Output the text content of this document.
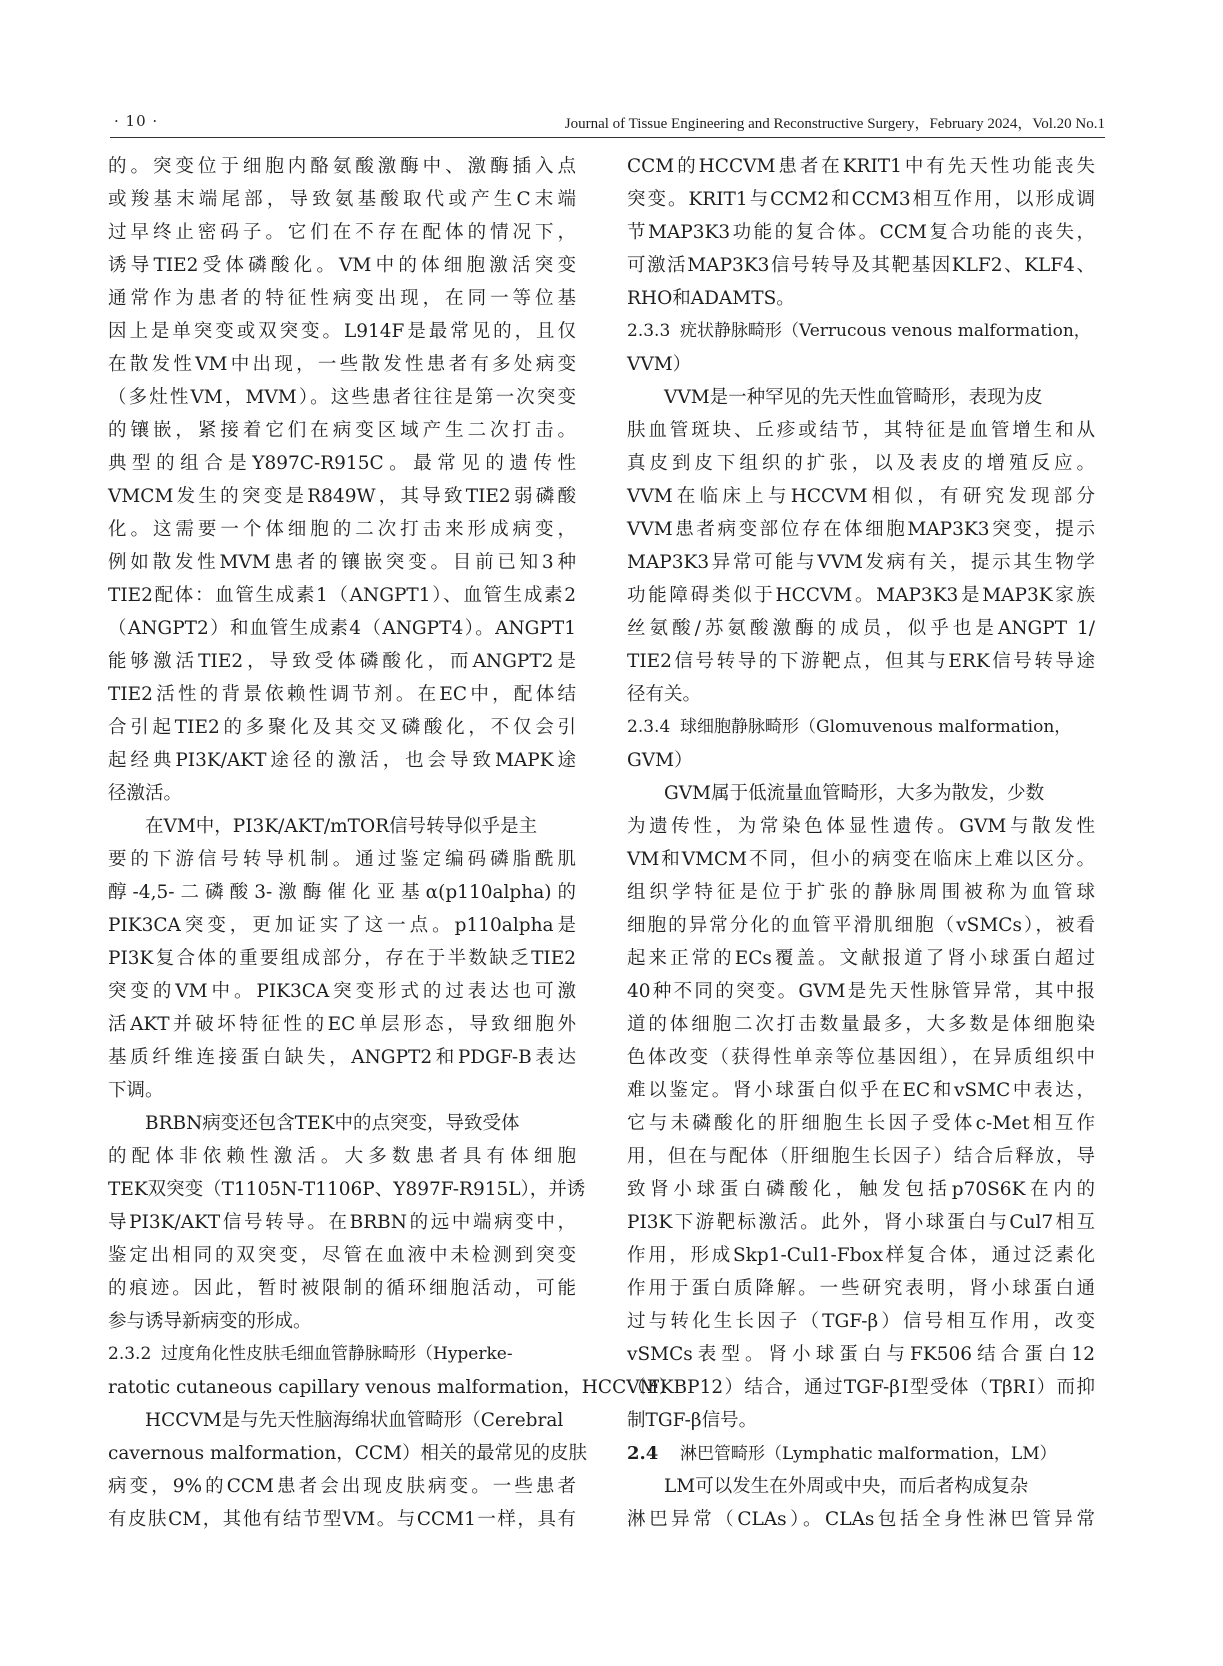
· 10 ·	Journal of Tissue Engineering and Reconstructive Surgery，February 2024，Vol.20 No.1
的。突变位于细胞内酪氨酸激酶中、激酶插入点
或羧基末端尾部，导致氨基酸取代或产生C末端
过早终止密码子。它们在不存在配体的情况下，
诱导TIE2受体磷酸化。VM中的体细胞激活突变
通常作为患者的特征性病变出现，在同一等位基
因上是单突变或双突变。L914F是最常见的，且仅
在散发性VM中出现，一些散发性患者有多处病变
（多灶性VM，MVM）。这些患者往往是第一次突变
的镶嵌，紧接着它们在病变区域产生二次打击。
典型的组合是Y897C-R915C。最常见的遗传性
VMCM发生的突变是R849W，其导致TIE2弱磷酸
化。这需要一个体细胞的二次打击来形成病变，
例如散发性MVM患者的镶嵌突变。目前已知3种
TIE2配体：血管生成素1（ANGPT1）、血管生成素2
（ANGPT2）和血管生成素4（ANGPT4）。ANGPT1
能够激活TIE2，导致受体磷酸化，而ANGPT2是
TIE2活性的背景依赖性调节剂。在EC中，配体结
合引起TIE2的多聚化及其交叉磷酸化，不仅会引
起经典PI3K/AKT途径的激活，也会导致MAPK途
径激活。
在VM中，PI3K/AKT/mTOR信号转导似乎是主
要的下游信号转导机制。通过鉴定编码磷脂酰肌
醇-4,5-二磷酸3-激酶催化亚基α(p110alpha)的
PIK3CA突变，更加证实了这一点。p110alpha是
PI3K复合体的重要组成部分，存在于半数缺乏TIE2
突变的VM中。PIK3CA突变形式的过表达也可激
活AKT并破坏特征性的EC单层形态，导致细胞外
基质纤维连接蛋白缺失，ANGPT2和PDGF-B表达
下调。
BRBN病变还包含TEK中的点突变，导致受体
的配体非依赖性激活。大多数患者具有体细胞
TEK双突变（T1105N-T1106P、Y897F-R915L），并诱
导PI3K/AKT信号转导。在BRBN的远中端病变中，
鉴定出相同的双突变，尽管在血液中未检测到突变
的痕迹。因此，暂时被限制的循环细胞活动，可能
参与诱导新病变的形成。
2.3.2 过度角化性皮肤毛细血管静脉畸形（Hyperke-
ratotic cutaneous capillary venous malformation，HCCVM）
HCCVM是与先天性脑海绵状血管畸形（Cerebral
cavernous malformation，CCM）相关的最常见的皮肤
病变，9%的CCM患者会出现皮肤病变。一些患者
有皮肤CM，其他有结节型VM。与CCM1一样，具有
CCM的HCCVM患者在KRIT1中有先天性功能丧失
突变。KRIT1与CCM2和CCM3相互作用，以形成调
节MAP3K3功能的复合体。CCM复合功能的丧失，
可激活MAP3K3信号转导及其靶基因KLF2、KLF4、
RHO和ADAMTS。
2.3.3 疣状静脉畸形（Verrucous venous malformation，
VVM）
VVM是一种罕见的先天性血管畸形，表现为皮
肤血管斑块、丘疹或结节，其特征是血管增生和从
真皮到皮下组织的扩张，以及表皮的增殖反应。
VVM在临床上与HCCVM相似，有研究发现部分
VVM患者病变部位存在体细胞MAP3K3突变，提示
MAP3K3异常可能与VVM发病有关，提示其生物学
功能障碍类似于HCCVM。MAP3K3是MAP3K家族
丝氨酸/苏氨酸激酶的成员，似乎也是ANGPT 1/
TIE2信号转导的下游靶点，但其与ERK信号转导途
径有关。
2.3.4 球细胞静脉畸形（Glomuvenous malformation，
GVM）
GVM属于低流量血管畸形，大多为散发，少数
为遗传性，为常染色体显性遗传。GVM与散发性
VM和VMCM不同，但小的病变在临床上难以区分。
组织学特征是位于扩张的静脉周围被称为血管球
细胞的异常分化的血管平滑肌细胞（vSMCs），被看
起来正常的ECs覆盖。文献报道了肾小球蛋白超过
40种不同的突变。GVM是先天性脉管异常，其中报
道的体细胞二次打击数量最多，大多数是体细胞染
色体改变（获得性单亲等位基因组），在异质组织中
难以鉴定。肾小球蛋白似乎在EC和vSMC中表达，
它与未磷酸化的肝细胞生长因子受体c-Met相互作
用，但在与配体（肝细胞生长因子）结合后释放，导
致肾小球蛋白磷酸化，触发包括p70S6K在内的
PI3K下游靶标激活。此外，肾小球蛋白与Cul7相互
作用，形成Skp1-Cul1-Fbox样复合体，通过泛素化
作用于蛋白质降解。一些研究表明，肾小球蛋白通
过与转化生长因子（TGF-β）信号相互作用，改变
vSMCs表型。肾小球蛋白与FK506结合蛋白12
（FKBP12）结合，通过TGF-βⅠ型受体（TβRⅠ）而抑
制TGF-β信号。
2.4 淋巴管畸形（Lymphatic malformation，LM）
LM可以发生在外周或中央，而后者构成复杂
淋巴异常（CLAs）。CLAs包括全身性淋巴管异常
